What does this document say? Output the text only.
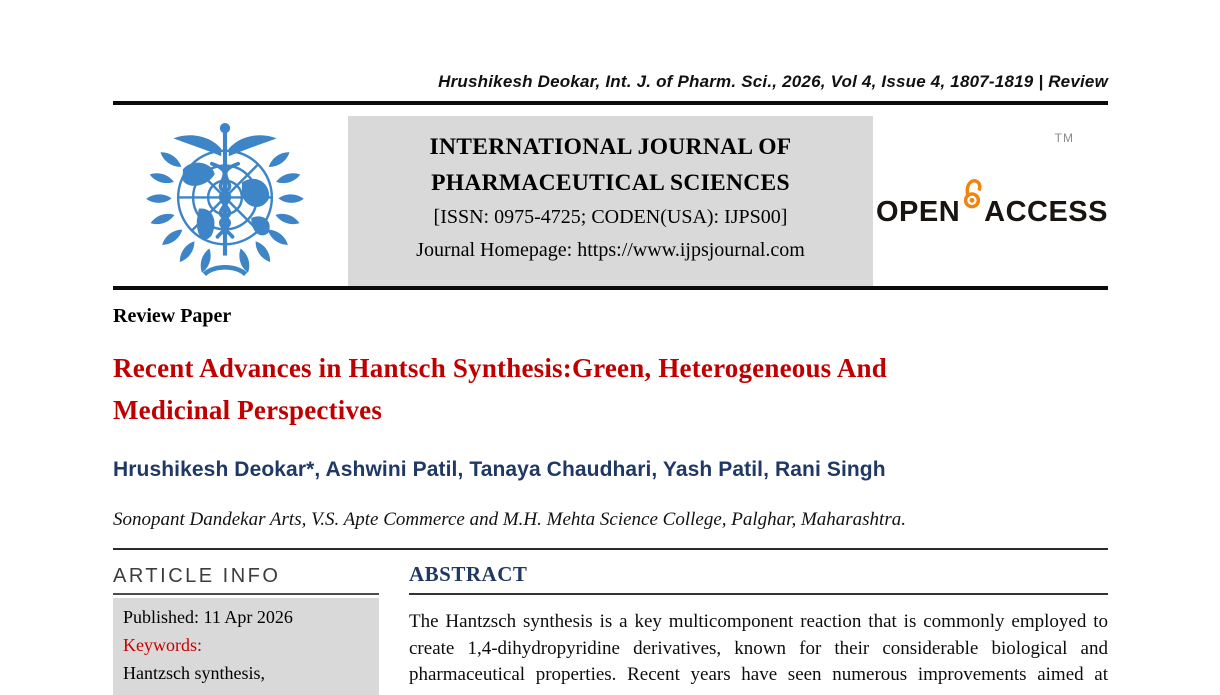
Hrushikesh Deokar, Int. J. of Pharm. Sci., 2026, Vol 4, Issue 4, 1807-1819 | Review
INTERNATIONAL JOURNAL OF
PHARMACEUTICAL SCIENCES
[ISSN: 0975-4725; CODEN(USA): IJPS00]
Journal Homepage: https://www.ijpsjournal.com
TM
OPEN ACCESS
Review Paper
Recent Advances in Hantsch Synthesis:Green, Heterogeneous And
Medicinal Perspectives
Hrushikesh Deokar*, Ashwini Patil, Tanaya Chaudhari, Yash Patil, Rani Singh
Sonopant Dandekar Arts, V.S. Apte Commerce and M.H. Mehta Science College, Palghar, Maharashtra.
ARTICLE INFO
Published: 11 Apr 2026
Keywords:
Hantzsch synthesis,
ABSTRACT
The Hantzsch synthesis is a key multicomponent reaction that is commonly employed to create 1,4-dihydropyridine derivatives, known for their considerable biological and pharmaceutical properties. Recent years have seen numerous improvements aimed at
